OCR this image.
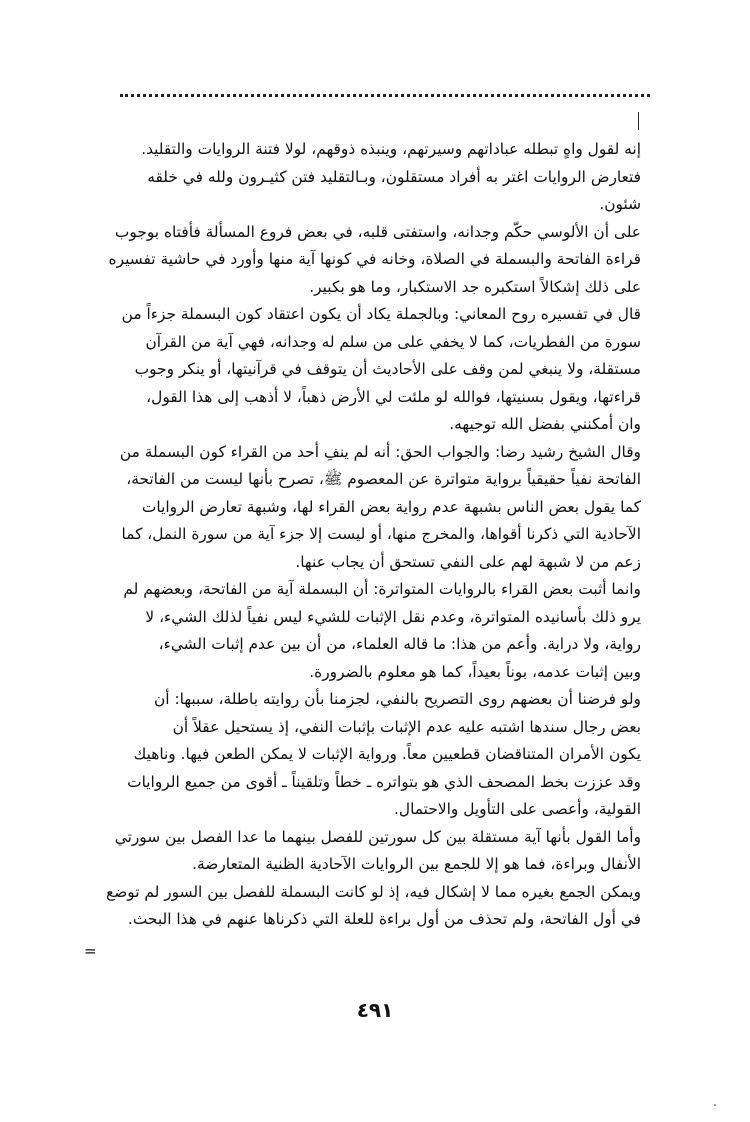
إنه لقول واهٍ تبطله عباداتهم وسيرتهم، وينبذه ذوقهم، لولا فتنة الروايات والتقليد.

فتعارض الروايات اغتر به أفراد مستقلون، وبـالتقليد فتن كثيـرون ولله في خلقه
شئون.

على أن الألوسي حكّم وجدانه، واستفتى قلبه، في بعض فروع المسألة فأفتاه بوجوب
قراءة الفاتحة والبسملة في الصلاة، وخانه في كونها آية منها وأورد في حاشية تفسيره
على ذلك إشكالاً استكبره جد الاستكبار، وما هو بكبير.

قال في تفسيره روح المعاني: وبالجملة يكاد أن يكون اعتقاد كون البسملة جزءاً من
سورة من الفطريات، كما لا يخفي على من سلم له وجدانه، فهي آية من القرآن
مستقلة، ولا ينبغي لمن وقف على الأحاديث أن يتوقف في قرآنيتها، أو ينكر وجوب
قراءتها، ويقول بسنيتها، فوالله لو ملئت لي الأرض ذهباً، لا أذهب إلى هذا القول،
وان أمكنني بفضل الله توجيهه.

وقال الشيخ رشيد رضا: والجواب الحق: أنه لم ينفِ أحد من القراء كون البسملة من
الفاتحة نفياً حقيقياً برواية متواترة عن المعصوم ﷺ، تصرح بأنها ليست من الفاتحة،
كما يقول بعض الناس بشبهة عدم رواية بعض القراء لها، وشبهة تعارض الروايات
الآحادية التي ذكرنا أقواها، والمخرج منها، أو ليست إلا جزء آية من سورة النمل، كما
زعم من لا شبهة لهم على النفي تستحق أن يجاب عنها.

وانما أثبت بعض القراء بالروايات المتواترة: أن البسملة آية من الفاتحة، وبعضهم لم
يرو ذلك بأسانيده المتواترة، وعدم نقل الإثبات للشيء ليس نفياً لذلك الشيء، لا
رواية، ولا دراية. وأعم من هذا: ما قاله العلماء، من أن بين عدم إثبات الشيء،
وبين إثبات عدمه، بوناً بعيداً، كما هو معلوم بالضرورة.

ولو فرضنا أن بعضهم روى التصريح بالنفي، لجزمنا بأن روايته باطلة، سببها: أن
بعض رجال سندها اشتبه عليه عدم الإثبات بإثبات النفي، إذ يستحيل عقلاً أن
يكون الأمران المتناقضان قطعيين معاً. ورواية الإثبات لا يمكن الطعن فيها. وناهيك
وقد عززت بخط المصحف الذي هو بتواتره ـ خطاً وتلقيناً ـ أقوى من جميع الروايات
القولية، وأعصى على التأويل والاحتمال.

وأما القول بأنها آية مستقلة بين كل سورتين للفصل بينهما ما عدا الفصل بين سورتي
الأنفال وبراءة، فما هو إلا للجمع بين الروايات الآحادية الظنية المتعارضة.

ويمكن الجمع بغيره مما لا إشكال فيه، إذ لو كانت البسملة للفصل بين السور لم توضع
في أول الفاتحة، ولم تحذف من أول براءة للعلة التي ذكرناها عنهم في هذا البحث.

=
٤٩١
